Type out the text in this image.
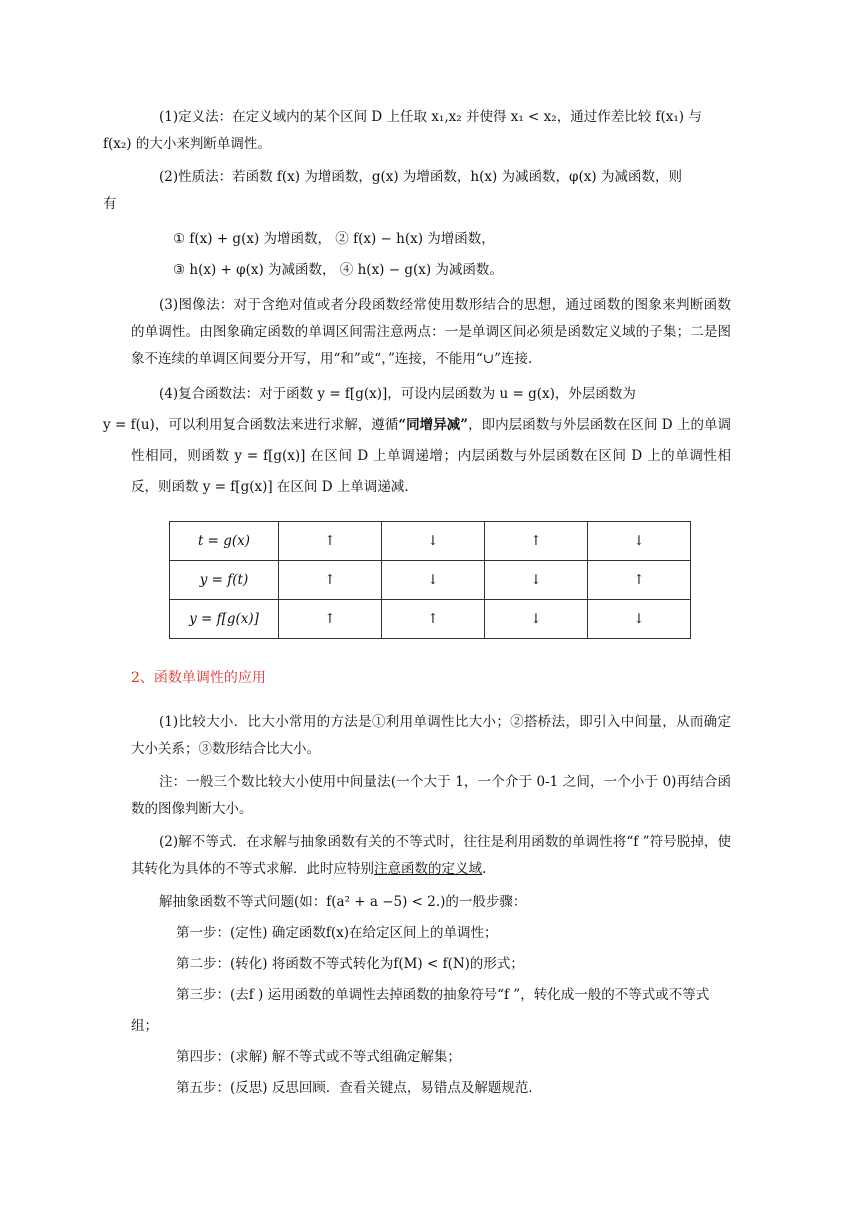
(1)定义法：在定义域内的某个区间 D 上任取 x₁,x₂ 并使得 x₁ < x₂，通过作差比较 f(x₁) 与
f(x₂) 的大小来判断单调性。

(2)性质法：若函数 f(x) 为增函数，g(x) 为增函数，h(x) 为减函数，φ(x) 为减函数，则
有

① f(x) + g(x) 为增函数， ② f(x) − h(x) 为增函数，
③ h(x) + φ(x) 为减函数， ④ h(x) − g(x) 为减函数。

(3)图像法：对于含绝对值或者分段函数经常使用数形结合的思想，通过函数的图象来判断函数的单调性。由图象确定函数的单调区间需注意两点：一是单调区间必须是函数定义域的子集；二是图象不连续的单调区间要分开写，用“和”或“，”连接，不能用“∪”连接.

(4)复合函数法：对于函数 y = f[g(x)]，可设内层函数为 u = g(x)，外层函数为
y = f(u)，可以利用复合函数法来进行求解，遵循“同增异减”，即内层函数与外层函数在区间 D 上的单调性相同，则函数 y = f[g(x)] 在区间 D 上单调递增；内层函数与外层函数在区间 D 上的单调性相反，则函数 y = f[g(x)] 在区间 D 上单调递减.

t = g(x)	↑	↓	↑	↓
y = f(t)	↑	↓	↓	↑
y = f[g(x)]	↑	↑	↓	↓
2、函数单调性的应用

(1)比较大小．比大小常用的方法是①利用单调性比大小；②搭桥法，即引入中间量，从而确定大小关系；③数形结合比大小。

注：一般三个数比较大小使用中间量法(一个大于 1，一个介于 0-1 之间，一个小于 0)再结合函数的图像判断大小。

(2)解不等式．在求解与抽象函数有关的不等式时，往往是利用函数的单调性将“f ”符号脱掉，使其转化为具体的不等式求解．此时应特别注意函数的定义域.

解抽象函数不等式问题(如：f(a² + a −5) < 2.)的一般步骤：

第一步：(定性) 确定函数f(x)在给定区间上的单调性；
第二步：(转化) 将函数不等式转化为f(M) < f(N)的形式；
第三步：(去f ) 运用函数的单调性去掉函数的抽象符号“f ”，转化成一般的不等式或不等式组；
第四步：(求解) 解不等式或不等式组确定解集；
第五步：(反思) 反思回顾．查看关键点，易错点及解题规范．
